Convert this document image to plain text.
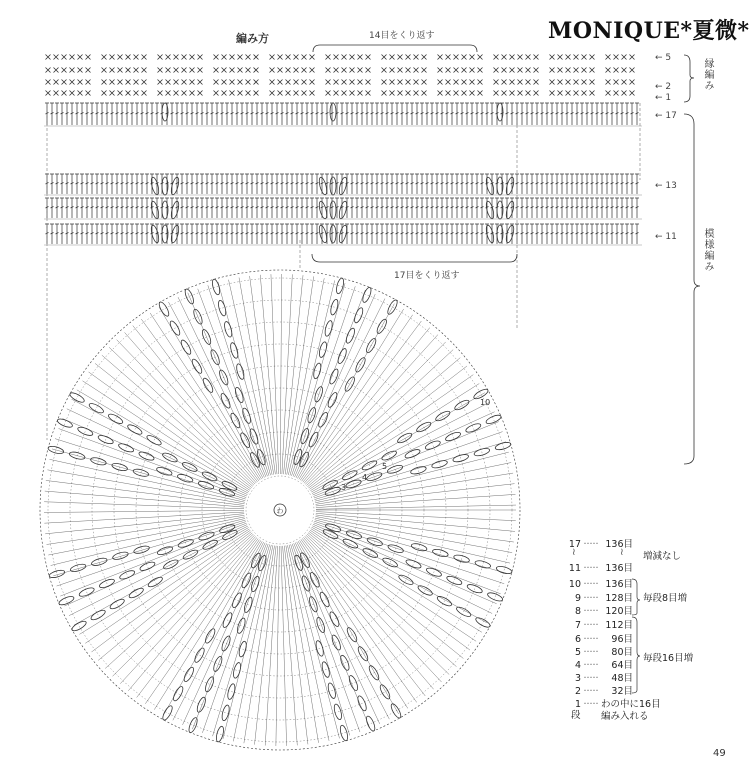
わ
MONIQUE*夏微*
編み方	14目をくり返す
17目をくり返す
← 5
← 2
← 1
← 17
← 13
← 11
縁編み
模様編み
3
4
5
10
17 ····· 136目
≀	≀
11 ····· 136目
10 ····· 136目
9 ····· 128目
8 ····· 120目
7 ····· 112目
6 ····· 96目
5 ····· 80目
4 ····· 64目
3 ····· 48目
2 ····· 32目
増減なし
毎段8目増
毎段16目増
1 ····· わの中に16目
段 編み入れる
49
